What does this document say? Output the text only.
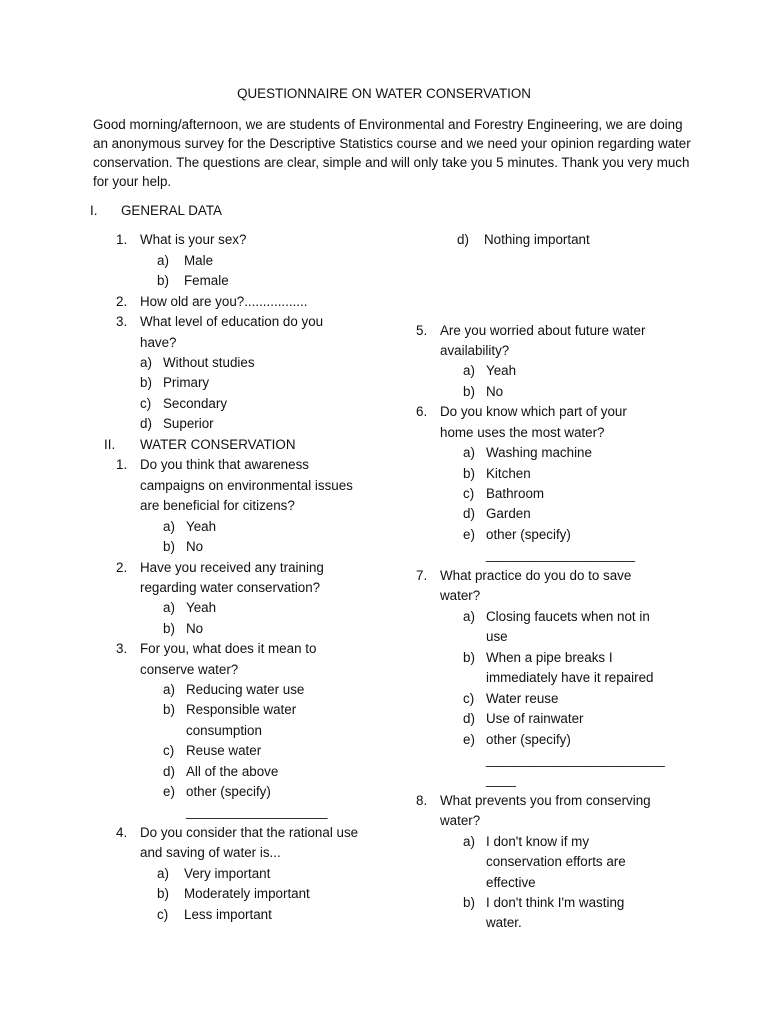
QUESTIONNAIRE ON WATER CONSERVATION
Good morning/afternoon, we are students of Environmental and Forestry Engineering, we are doing
an anonymous survey for the Descriptive Statistics course and we need your opinion regarding water
conservation. The questions are clear, simple and will only take you 5 minutes. Thank you very much
for your help.
I. GENERAL DATA
1. What is your sex?
a) Male
b) Female
2. How old are you?.................
3. What level of education do you
have?
a) Without studies
b) Primary
c) Secondary
d) Superior
II. WATER CONSERVATION
1. Do you think that awareness
campaigns on environmental issues
are beneficial for citizens?
a) Yeah
b) No
2. Have you received any training
regarding water conservation?
a) Yeah
b) No
3. For you, what does it mean to
conserve water?
a) Reducing water use
b) Responsible water
consumption
c) Reuse water
d) All of the above
e) other (specify)
___________________
4. Do you consider that the rational use
and saving of water is...
a) Very important
b) Moderately important
c) Less important
d) Nothing important
5. Are you worried about future water
availability?
a) Yeah
b) No
6. Do you know which part of your
home uses the most water?
a) Washing machine
b) Kitchen
c) Bathroom
d) Garden
e) other (specify)
____________________
7. What practice do you do to save
water?
a) Closing faucets when not in
use
b) When a pipe breaks I
immediately have it repaired
c) Water reuse
d) Use of rainwater
e) other (specify)
________________________
____
8. What prevents you from conserving
water?
a) I don't know if my
conservation efforts are
effective
b) I don't think I'm wasting
water.
